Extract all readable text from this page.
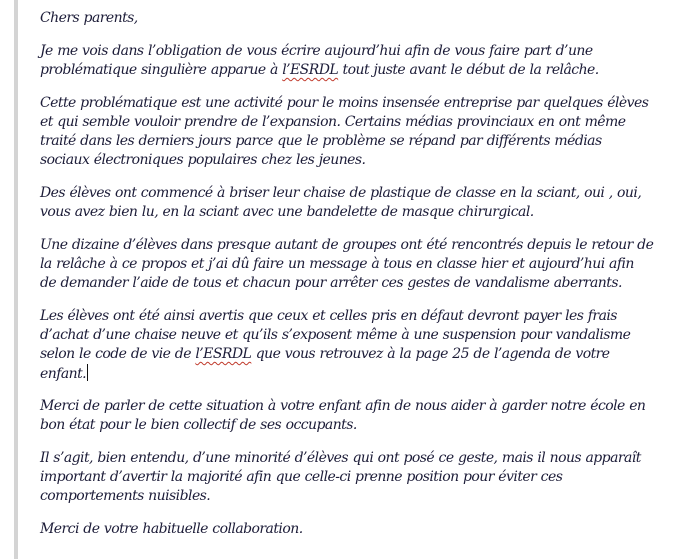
Chers parents,

Je me vois dans l’obligation de vous écrire aujourd’hui afin de vous faire part d’une
problématique singulière apparue à l’ESRDL tout juste avant le début de la relâche.

Cette problématique est une activité pour le moins insensée entreprise par quelques élèves
et qui semble vouloir prendre de l’expansion. Certains médias provinciaux en ont même
traité dans les derniers jours parce que le problème se répand par différents médias
sociaux électroniques populaires chez les jeunes.

Des élèves ont commencé à briser leur chaise de plastique de classe en la sciant, oui , oui,
vous avez bien lu, en la sciant avec une bandelette de masque chirurgical.

Une dizaine d’élèves dans presque autant de groupes ont été rencontrés depuis le retour de
la relâche à ce propos et j’ai dû faire un message à tous en classe hier et aujourd’hui afin
de demander l’aide de tous et chacun pour arrêter ces gestes de vandalisme aberrants.

Les élèves ont été ainsi avertis que ceux et celles pris en défaut devront payer les frais
d’achat d’une chaise neuve et qu’ils s’exposent même à une suspension pour vandalisme
selon le code de vie de l’ESRDL que vous retrouvez à la page 25 de l’agenda de votre
enfant.

Merci de parler de cette situation à votre enfant afin de nous aider à garder notre école en
bon état pour le bien collectif de ses occupants.

Il s’agit, bien entendu, d’une minorité d’élèves qui ont posé ce geste, mais il nous apparaît
important d’avertir la majorité afin que celle-ci prenne position pour éviter ces
comportements nuisibles.

Merci de votre habituelle collaboration.
